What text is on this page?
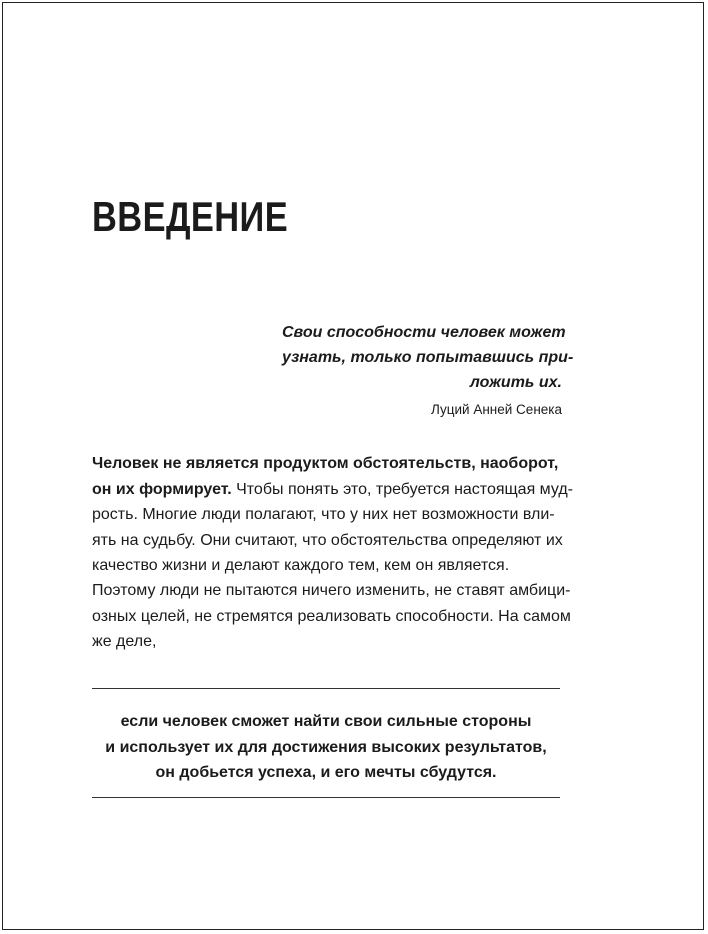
ВВЕДЕНИЕ
Свои способности человек может
узнать, только попытавшись при-
ложить их.
Луций Анней Сенека
Человек не является продуктом обстоятельств, наоборот,
он их формирует. Чтобы понять это, требуется настоящая муд-
рость. Многие люди полагают, что у них нет возможности вли-
ять на судьбу. Они считают, что обстоятельства определяют их
качество жизни и делают каждого тем, кем он является.
Поэтому люди не пытаются ничего изменить, не ставят амбици-
озных целей, не стремятся реализовать способности. На самом
же деле,
если человек сможет найти свои сильные стороны
и использует их для достижения высоких результатов,
он добьется успеха, и его мечты сбудутся.
